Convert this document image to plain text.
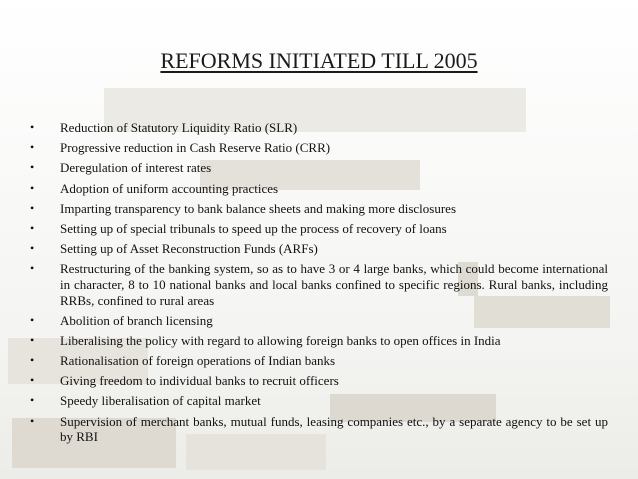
REFORMS INITIATED TILL 2005
• Reduction of Statutory Liquidity Ratio (SLR)
• Progressive reduction in Cash Reserve Ratio (CRR)
• Deregulation of interest rates
• Adoption of uniform accounting practices
• Imparting transparency to bank balance sheets and making more disclosures
• Setting up of special tribunals to speed up the process of recovery of loans
• Setting up of Asset Reconstruction Funds (ARFs)
• Restructuring of the banking system, so as to have 3 or 4 large banks, which could become international in character, 8 to 10 national banks and local banks confined to specific regions. Rural banks, including RRBs, confined to rural areas
• Abolition of branch licensing
• Liberalising the policy with regard to allowing foreign banks to open offices in India
• Rationalisation of foreign operations of Indian banks
• Giving freedom to individual banks to recruit officers
• Speedy liberalisation of capital market
• Supervision of merchant banks, mutual funds, leasing companies etc., by a separate agency to be set up by RBI
